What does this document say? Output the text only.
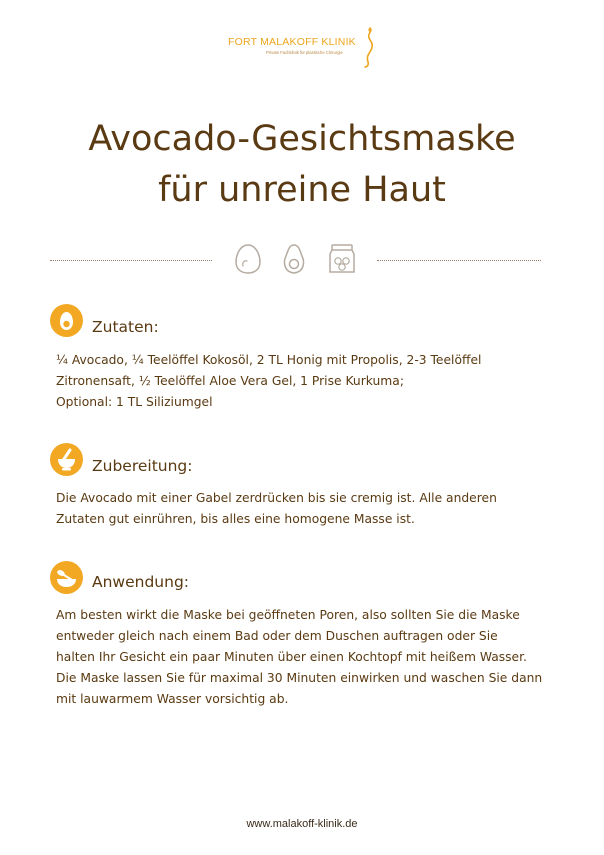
FORT MALAKOFF KLINIK
Private Fachklinik für plastische Chirurgie
Avocado-Gesichtsmaske
für unreine Haut
Zutaten:
¼ Avocado, ¼ Teelöffel Kokosöl, 2 TL Honig mit Propolis, 2-3 Teelöffel
Zitronensaft, ½ Teelöffel Aloe Vera Gel, 1 Prise Kurkuma;
Optional: 1 TL Siliziumgel
Zubereitung:
Die Avocado mit einer Gabel zerdrücken bis sie cremig ist. Alle anderen
Zutaten gut einrühren, bis alles eine homogene Masse ist.
Anwendung:
Am besten wirkt die Maske bei geöffneten Poren, also sollten Sie die Maske
entweder gleich nach einem Bad oder dem Duschen auftragen oder Sie
halten Ihr Gesicht ein paar Minuten über einen Kochtopf mit heißem Wasser.
Die Maske lassen Sie für maximal 30 Minuten einwirken und waschen Sie dann
mit lauwarmem Wasser vorsichtig ab.
www.malakoff-klinik.de
